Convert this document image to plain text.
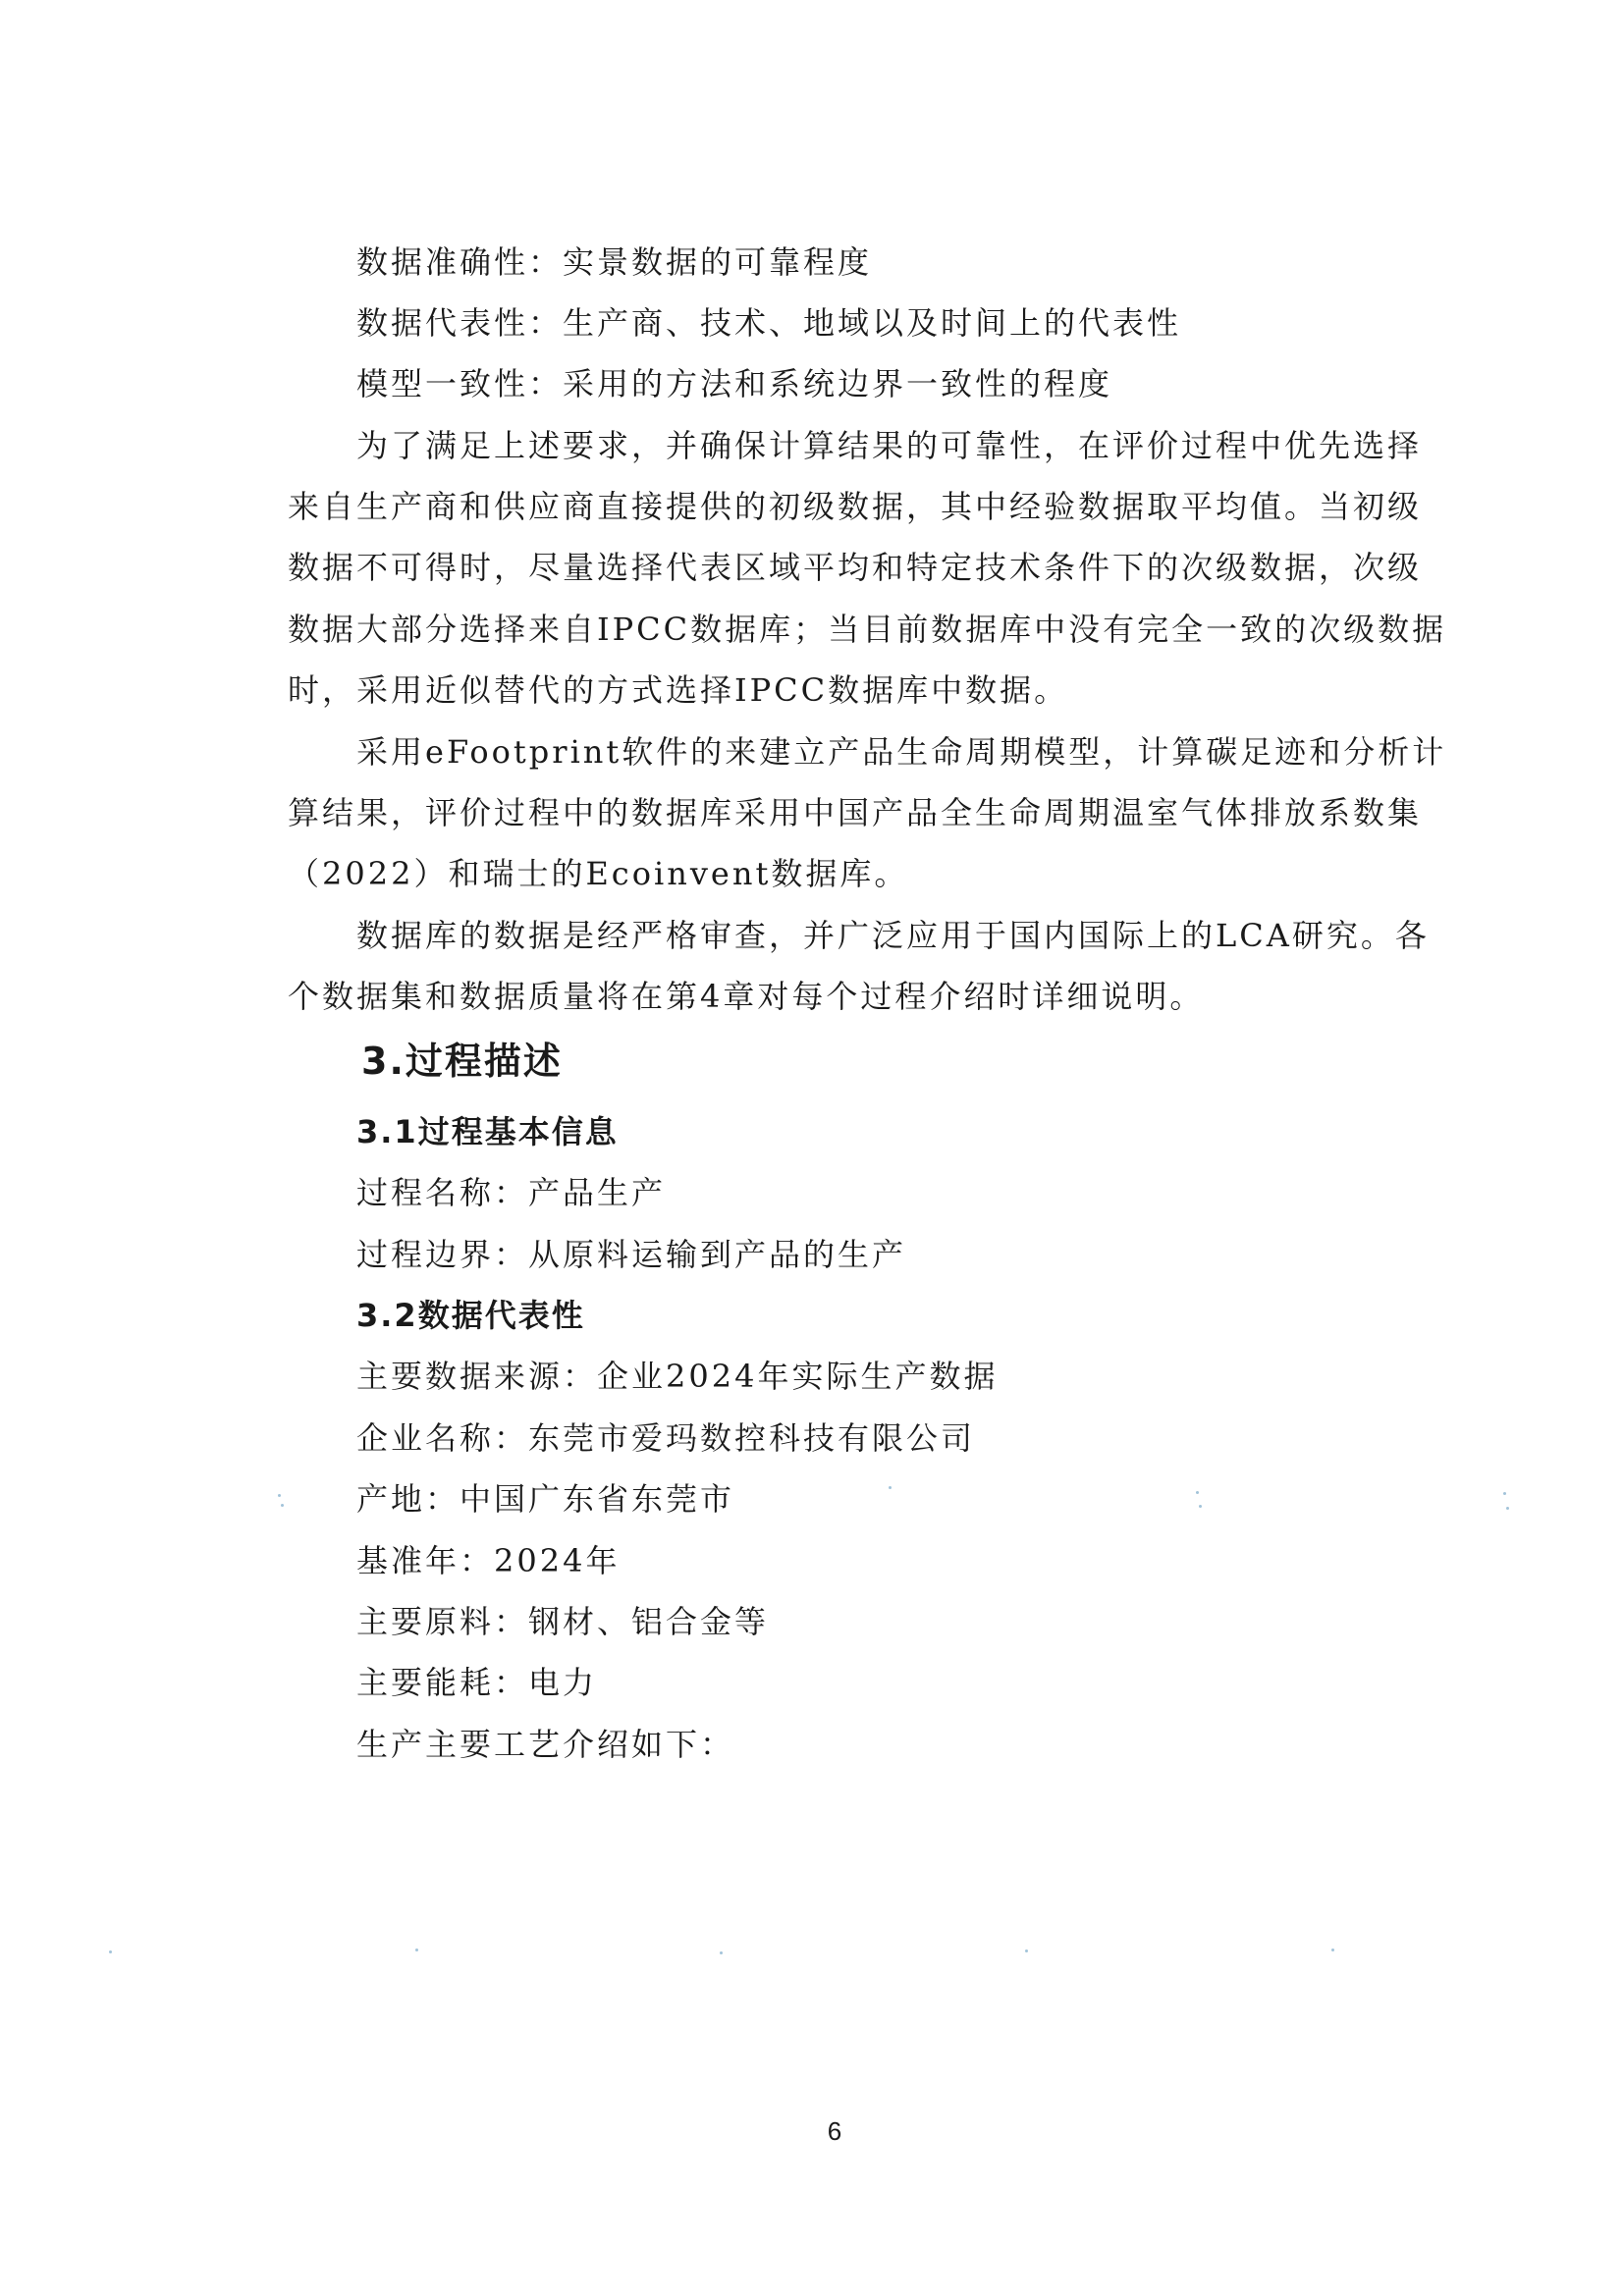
数据准确性：实景数据的可靠程度
数据代表性：生产商、技术、地域以及时间上的代表性
模型一致性：采用的方法和系统边界一致性的程度
为了满足上述要求，并确保计算结果的可靠性，在评价过程中优先选择
来自生产商和供应商直接提供的初级数据，其中经验数据取平均值。当初级
数据不可得时，尽量选择代表区域平均和特定技术条件下的次级数据，次级
数据大部分选择来自IPCC数据库；当目前数据库中没有完全一致的次级数据
时，采用近似替代的方式选择IPCC数据库中数据。
采用eFootprint软件的来建立产品生命周期模型，计算碳足迹和分析计
算结果，评价过程中的数据库采用中国产品全生命周期温室气体排放系数集
（2022）和瑞士的Ecoinvent数据库。
数据库的数据是经严格审查，并广泛应用于国内国际上的LCA研究。各
个数据集和数据质量将在第4章对每个过程介绍时详细说明。
3.过程描述
3.1过程基本信息
过程名称：产品生产
过程边界：从原料运输到产品的生产
3.2数据代表性
主要数据来源：企业2024年实际生产数据
企业名称：东莞市爱玛数控科技有限公司
产地：中国广东省东莞市
基准年：2024年
主要原料：钢材、铝合金等
主要能耗：电力
生产主要工艺介绍如下：
6
